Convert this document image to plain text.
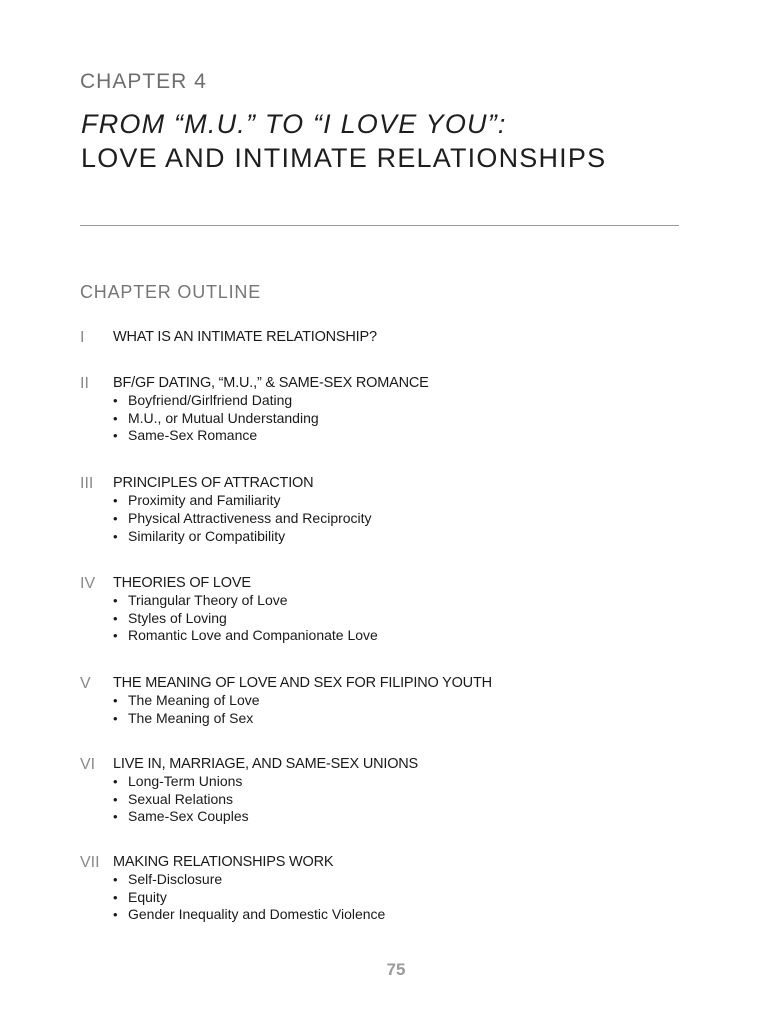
CHAPTER 4
FROM “M.U.” TO “I LOVE YOU”:
LOVE AND INTIMATE RELATIONSHIPS
CHAPTER OUTLINE
I WHAT IS AN INTIMATE RELATIONSHIP?
II BF/GF DATING, “M.U.,” & SAME-SEX ROMANCE
• Boyfriend/Girlfriend Dating
• M.U., or Mutual Understanding
• Same-Sex Romance
III PRINCIPLES OF ATTRACTION
• Proximity and Familiarity
• Physical Attractiveness and Reciprocity
• Similarity or Compatibility
IV THEORIES OF LOVE
• Triangular Theory of Love
• Styles of Loving
• Romantic Love and Companionate Love
V THE MEANING OF LOVE AND SEX FOR FILIPINO YOUTH
• The Meaning of Love
• The Meaning of Sex
VI LIVE IN, MARRIAGE, AND SAME-SEX UNIONS
• Long-Term Unions
• Sexual Relations
• Same-Sex Couples
VII MAKING RELATIONSHIPS WORK
• Self-Disclosure
• Equity
• Gender Inequality and Domestic Violence
75
